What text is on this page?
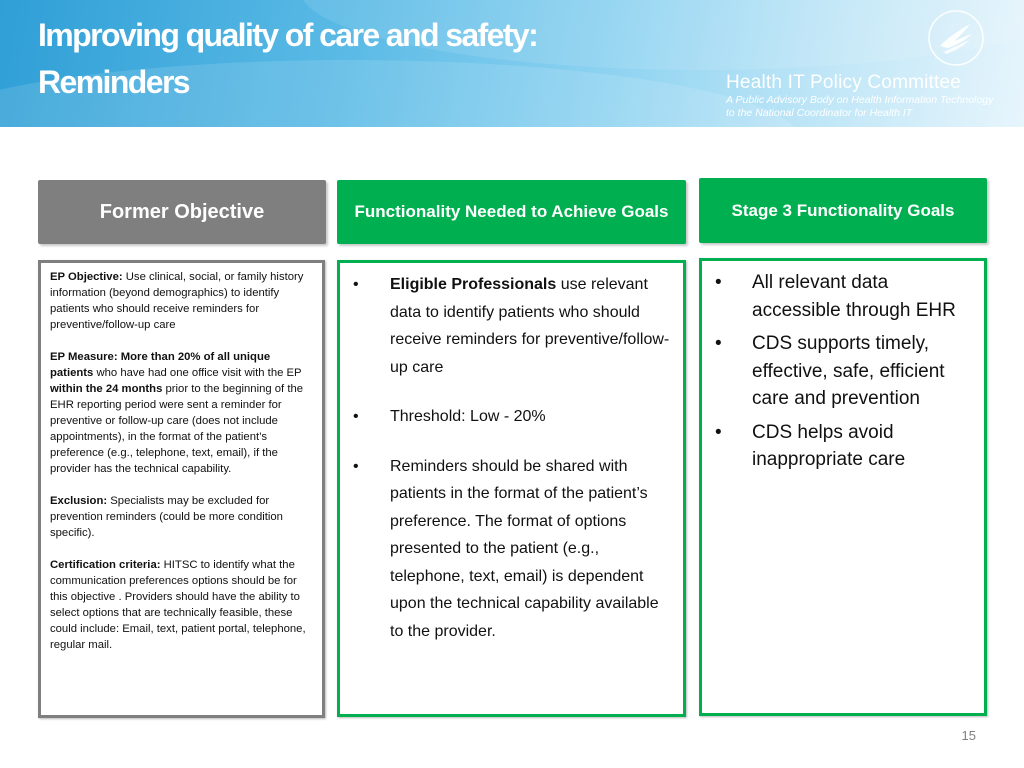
Improving quality of care and safety:
Reminders	Health IT Policy Committee
A Public Advisory Body on Health Information Technology
to the National Coordinator for Health IT
Former Objective	Functionality Needed to Achieve Goals	Stage 3 Functionality Goals

EP Objective: Use clinical, social, or family history information (beyond demographics) to identify patients who should receive reminders for preventive/follow-up care

EP Measure: More than 20% of all unique patients who have had one office visit with the EP within the 24 months prior to the beginning of the EHR reporting period were sent a reminder for preventive or follow-up care (does not include appointments), in the format of the patient’s preference (e.g., telephone, text, email), if the provider has the technical capability.

Exclusion: Specialists may be excluded for prevention reminders (could be more condition specific).

Certification criteria: HITSC to identify what the communication preferences options should be for this objective . Providers should have the ability to select options that are technically feasible, these could include: Email, text, patient portal, telephone, regular mail.

•	Eligible Professionals use relevant data to identify patients who should receive reminders for preventive/follow-up care
•	Threshold: Low - 20%
•	Reminders should be shared with patients in the format of the patient’s preference. The format of options presented to the patient (e.g., telephone, text, email) is dependent upon the technical capability available to the provider.
•	All relevant data accessible through EHR
•	CDS supports timely, effective, safe, efficient care and prevention
•	CDS helps avoid inappropriate care
15
